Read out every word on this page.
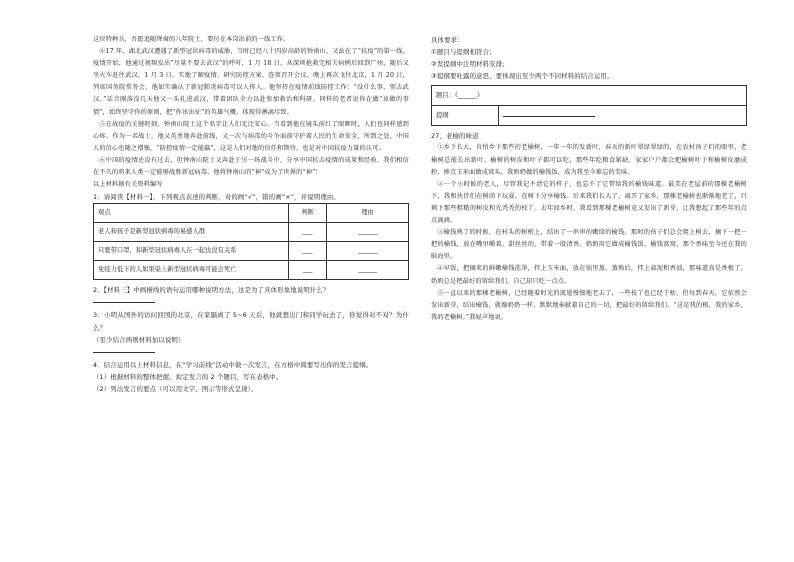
这位特种兵，吾愿追随绛裔的八年院士，要付在本岗出前的一线工作。

④17 年，湖北武汉遭遇了新型冠状病毒的威胁，当时已经八十四岁高龄的钟南山，又站在了“抗疫”的第一线。疫情开始，他通过视频发出“尽量不要去武汉”的呼吁，1 月 18 日，从深圳抢救完相关病例后回到广州，随后又坐火车赶往武汉。1 月 3 日，实地了解疫情、研究防控方案、连夜召开会议、晚上再次飞往北京，1 月 20 日，列席国务院常务会，他如实确认了新冠肺炎病毒可以人传人。他坚持在疫情前线防控工作：“没什么事，别去武汉。”话音刚落没几天他又一头扎进武汉，带着团队全力以赴参加救治和科研。同样的老者说你在做“该做的事情”，始终坚守你的原则，把“你该出征”的英雄气概，体现得淋漓尽致。

⑤在战疫的关键时刻，钟南山院士这个名字让人们无比安心。当看到他在镜头前红了眼眶时，人们也同样感到心疼。作为一名战士，他又英勇地奔赴前线，又一次与病毒的斗争面前守护着人民的生命安全，所到之处，中国人的信心也随之增强，“防控疫情一定能赢”，这是人们对他的信任和期待，也是对中国抗疫力量的认可。

⑥中国的疫情还没有过去，但钟南山院士又奔赴于另一场战斗中，分享中国抗击疫情的成果和经验，我们相信在不久的将来人类一定能够战胜新冠病毒，他将钟南山的“神”成为了世界的“神”！

以上材料据有关资料编写

1．请阅读【材料一】，下列观点表述的判断，对的画“√”，错的画“×”，并说明理由。

观点	判断	理由
老人和孩子是新型冠状病毒的易感人群	___	______
只要带口罩，和新型冠状病毒人在一起也没有关系	___	______
免疫力低下的人如果染上新型冠状病毒可能会死亡	___	______

2．【材料三】中画横线的语句运用哪种说明方法，这是为了具体形象地说明什么？

3．小明从国外的访问回国的北京，在家隔离了 5~6 天后，他就想出门和同学玩去了，你觉得对不对？为什么？

（至少结合两则材料加以说明）

4．结合运用以上材料信息，在“学习前线”活动中做一次发言，在方格中简要写出你的发言提纲。

（1）根据材料的整体把握，拟定发言的 2 个题目，写在表格中。

（2）列出发言的要点（可以用文字、图示等形式呈现）。

具体要求：

①题目与提纲相符合；

②发提纲中注明材料安排；

③提纲要吐露的意思，要体现出至少两个不同材料的结合运用。

题目：《______》
提纲	

27、老榆的味道

①乡下长大，肯怕乡下那些的老榆树，一年一年的发新叶，春天的新叶翠绿翠绿的，在农村孩子们的眼里，老榆树总能长出新叶。榆树的树皮和叶子都可以吃，那些年吃粮食紧缺，家家户户都会把榆树叶子和榆树皮磨成粉，掺点玉米面做成窝头。我奶奶做的榆钱饭，成为我至今难忘的美味。

②一个小时候的老人，尽管我记不清它的样子，也忘不了它带给我的榆钱味道。最美在老屋前的那棵老榆树下，我和伙伴们在树荫下玩耍，在树下分享榆钱。后来我们长大了，离开了家乡，那棵老榆树也渐渐地老了，只剩下那些粗糙的树皮和光秃秃的枝丫。去年回乡时，我看到那棵老榆树竟又发出了新芽，让我想起了那些年的点点滴滴。

③榆钱熟了的时候，在村头的树梢上，结出了一串串的嫩绿的榆钱。那时的孩子们总会爬上树去，摘下一把一把的榆钱，放在嘴里嚼着，甜丝丝的，带着一股清香。奶奶用它做成榆钱饭、榆钱窝窝，那个香味至今还在我的脑海里。

④早饭，把摘来的鲜嫩榆钱洗净，拌上玉米面，放在锅里蒸。蒸熟后，拌上蒜泥和香油，那味道真是香极了。奶奶总是把最好的留给我们，自己却只吃一点点。

⑤一直以来的那棵老榆树，已经随着时光的流逝慢慢地老去了，一些枝丫也已经干枯。但每到春天，它依然会发出新芽，结出榆钱，就像奶奶一样，默默地奉献着自己的一切，把最好的留给我们。“这是我的根，我的家乡，我的老榆树。”我轻声地说。
